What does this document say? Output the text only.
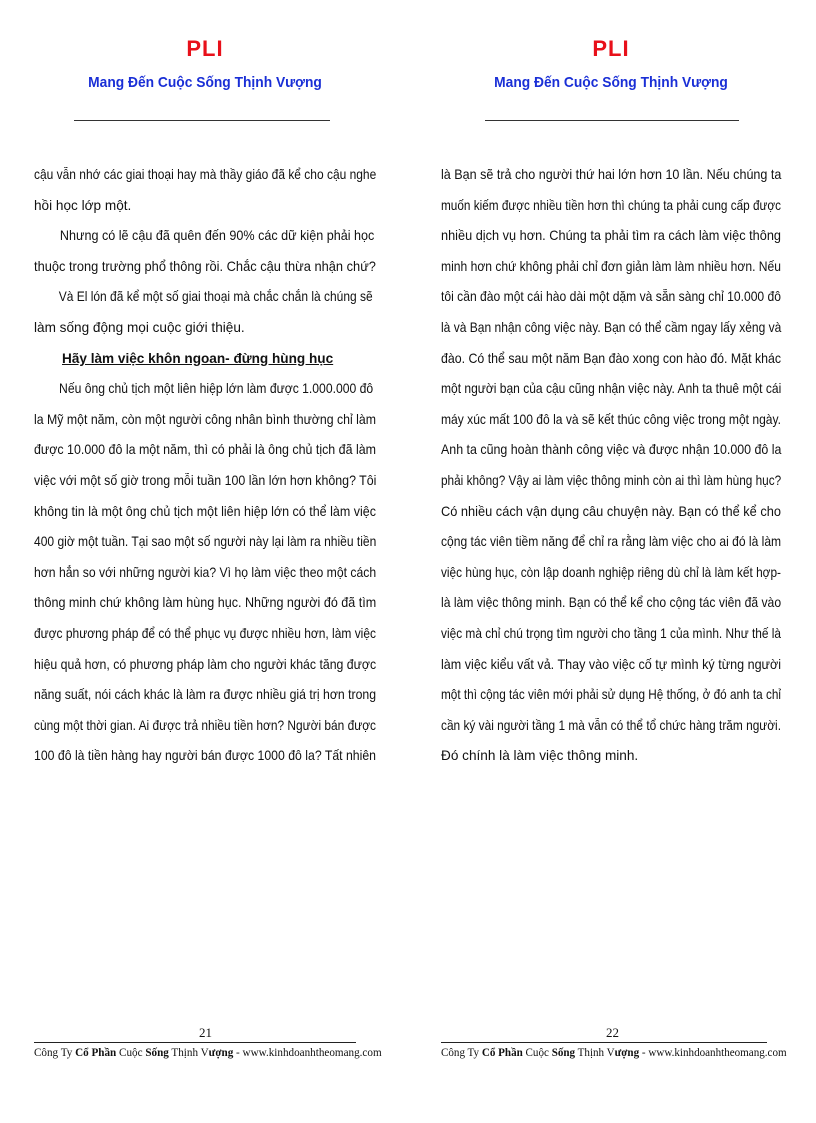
PLI
Mang Đến Cuộc Sống Thịnh Vượng

cậu vẫn nhớ các giai thoại hay mà thầy giáo đã kể cho cậu nghe
hồi học lớp một.

Nhưng có lẽ cậu đã quên đến 90% các dữ kiện phải học
thuộc trong trường phổ thông rồi. Chắc cậu thừa nhận chứ?

Và El lón đã kể một số giai thoại mà chắc chắn là chúng sẽ
làm sống động mọi cuộc giới thiệu.

Hãy làm việc khôn ngoan- đừng hùng hục

Nếu ông chủ tịch một liên hiệp lớn làm được 1.000.000 đô
la Mỹ một năm, còn một người công nhân bình thường chỉ làm
được 10.000 đô la một năm, thì có phải là ông chủ tịch đã làm
việc với một số giờ trong mỗi tuần 100 lần lớn hơn không? Tôi
không tin là một ông chủ tịch một liên hiệp lớn có thể làm việc
400 giờ một tuần. Tại sao một số người này lại làm ra nhiều tiền
hơn hẳn so với những người kia? Vì họ làm việc theo một cách
thông minh chứ không làm hùng hục. Những người đó đã tìm
được phương pháp để có thể phục vụ được nhiều hơn, làm việc
hiệu quả hơn, có phương pháp làm cho người khác tăng được
năng suất, nói cách khác là làm ra được nhiều giá trị hơn trong
cùng một thời gian. Ai được trả nhiều tiền hơn? Người bán được
100 đô là tiền hàng hay người bán được 1000 đô la? Tất nhiên

21
Công Ty Cổ Phần Cuộc Sống Thịnh Vượng - www.kinhdoanhtheomang.com
PLI
Mang Đến Cuộc Sống Thịnh Vượng

là Bạn sẽ trả cho người thứ hai lớn hơn 10 lần. Nếu chúng ta
muốn kiếm được nhiều tiền hơn thì chúng ta phải cung cấp được
nhiều dịch vụ hơn. Chúng ta phải tìm ra cách làm việc thông
minh hơn chứ không phải chỉ đơn giản làm làm nhiều hơn. Nếu
tôi cần đào một cái hào dài một dặm và sẵn sàng chỉ 10.000 đô
là và Bạn nhận công việc này. Bạn có thể cầm ngay lấy xẻng và
đào. Có thể sau một năm Bạn đào xong con hào đó. Mặt khác
một người bạn của cậu cũng nhận việc này. Anh ta thuê một cái
máy xúc mất 100 đô la và sẽ kết thúc công việc trong một ngày.
Anh ta cũng hoàn thành công việc và được nhận 10.000 đô la
phải không? Vậy ai làm việc thông minh còn ai thì làm hùng hục?
Có nhiều cách vận dụng câu chuyện này. Bạn có thể kể cho
cộng tác viên tiềm năng để chỉ ra rằng làm việc cho ai đó là làm
việc hùng hục, còn lập doanh nghiệp riêng dù chỉ là làm kết hợp-
là làm việc thông minh. Bạn có thể kể cho cộng tác viên đã vào
việc mà chỉ chú trọng tìm người cho tầng 1 của mình. Như thế là
làm việc kiểu vất vả. Thay vào việc cố tự mình ký từng người
một thì cộng tác viên mới phải sử dụng Hệ thống, ở đó anh ta chỉ
cần ký vài người tầng 1 mà vẫn có thể tổ chức hàng trăm người.
Đó chính là làm việc thông minh.

22
Công Ty Cổ Phần Cuộc Sống Thịnh Vượng - www.kinhdoanhtheomang.com
